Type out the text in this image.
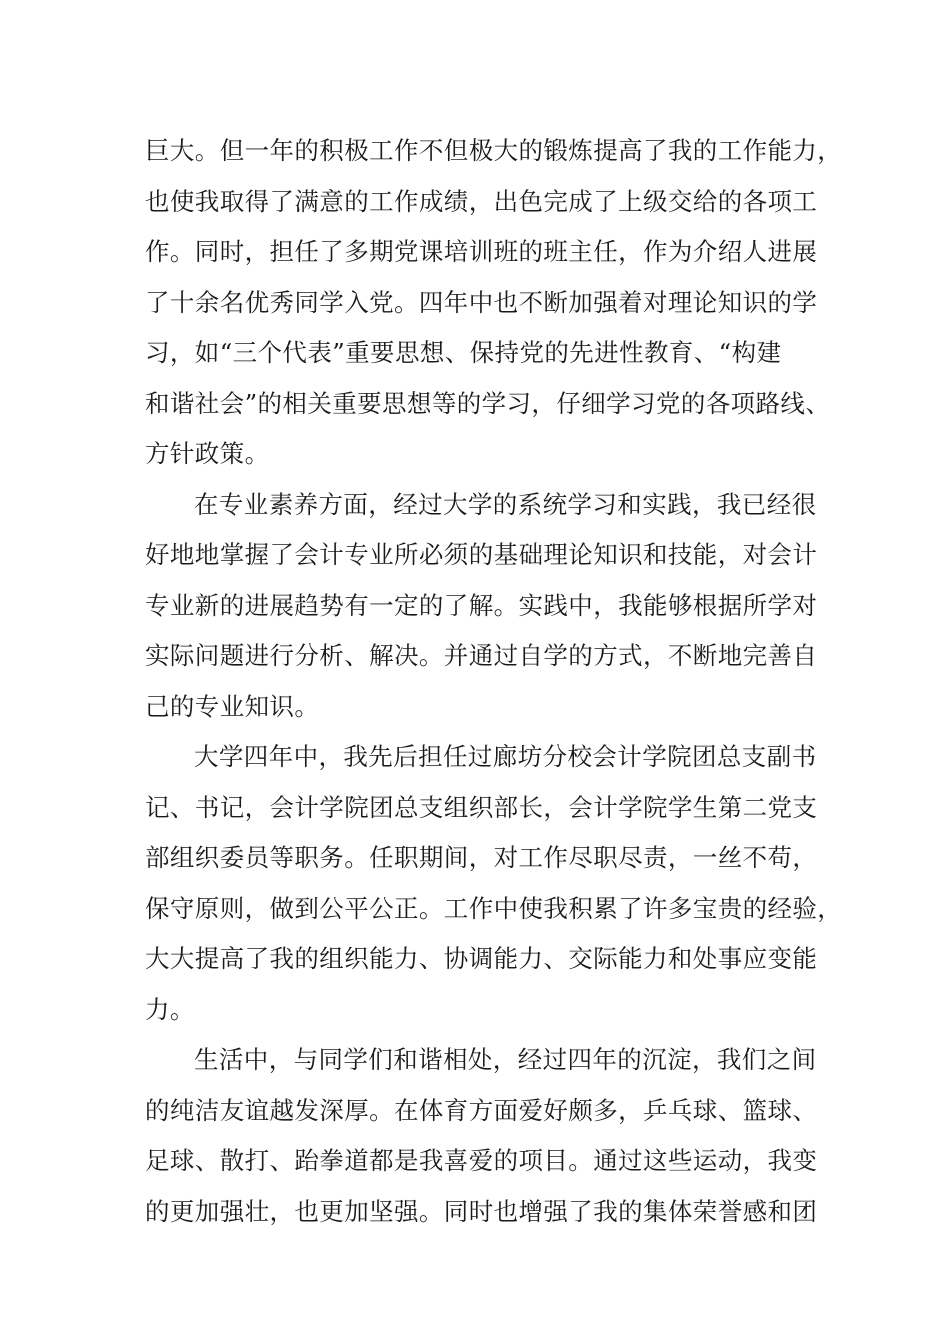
巨大。但一年的积极工作不但极大的锻炼提高了我的工作能力，
也使我取得了满意的工作成绩，出色完成了上级交给的各项工
作。同时，担任了多期党课培训班的班主任，作为介绍人进展
了十余名优秀同学入党。四年中也不断加强着对理论知识的学
习，如“三个代表”重要思想、保持党的先进性教育、“构建
和谐社会”的相关重要思想等的学习，仔细学习党的各项路线、
方针政策。
在专业素养方面，经过大学的系统学习和实践，我已经很
好地地掌握了会计专业所必须的基础理论知识和技能，对会计
专业新的进展趋势有一定的了解。实践中，我能够根据所学对
实际问题进行分析、解决。并通过自学的方式，不断地完善自
己的专业知识。
大学四年中，我先后担任过廊坊分校会计学院团总支副书
记、书记，会计学院团总支组织部长，会计学院学生第二党支
部组织委员等职务。任职期间，对工作尽职尽责，一丝不苟，
保守原则，做到公平公正。工作中使我积累了许多宝贵的经验，
大大提高了我的组织能力、协调能力、交际能力和处事应变能
力。
生活中，与同学们和谐相处，经过四年的沉淀，我们之间
的纯洁友谊越发深厚。在体育方面爱好颇多，乒乓球、篮球、
足球、散打、跆拳道都是我喜爱的项目。通过这些运动，我变
的更加强壮，也更加坚强。同时也增强了我的集体荣誉感和团
